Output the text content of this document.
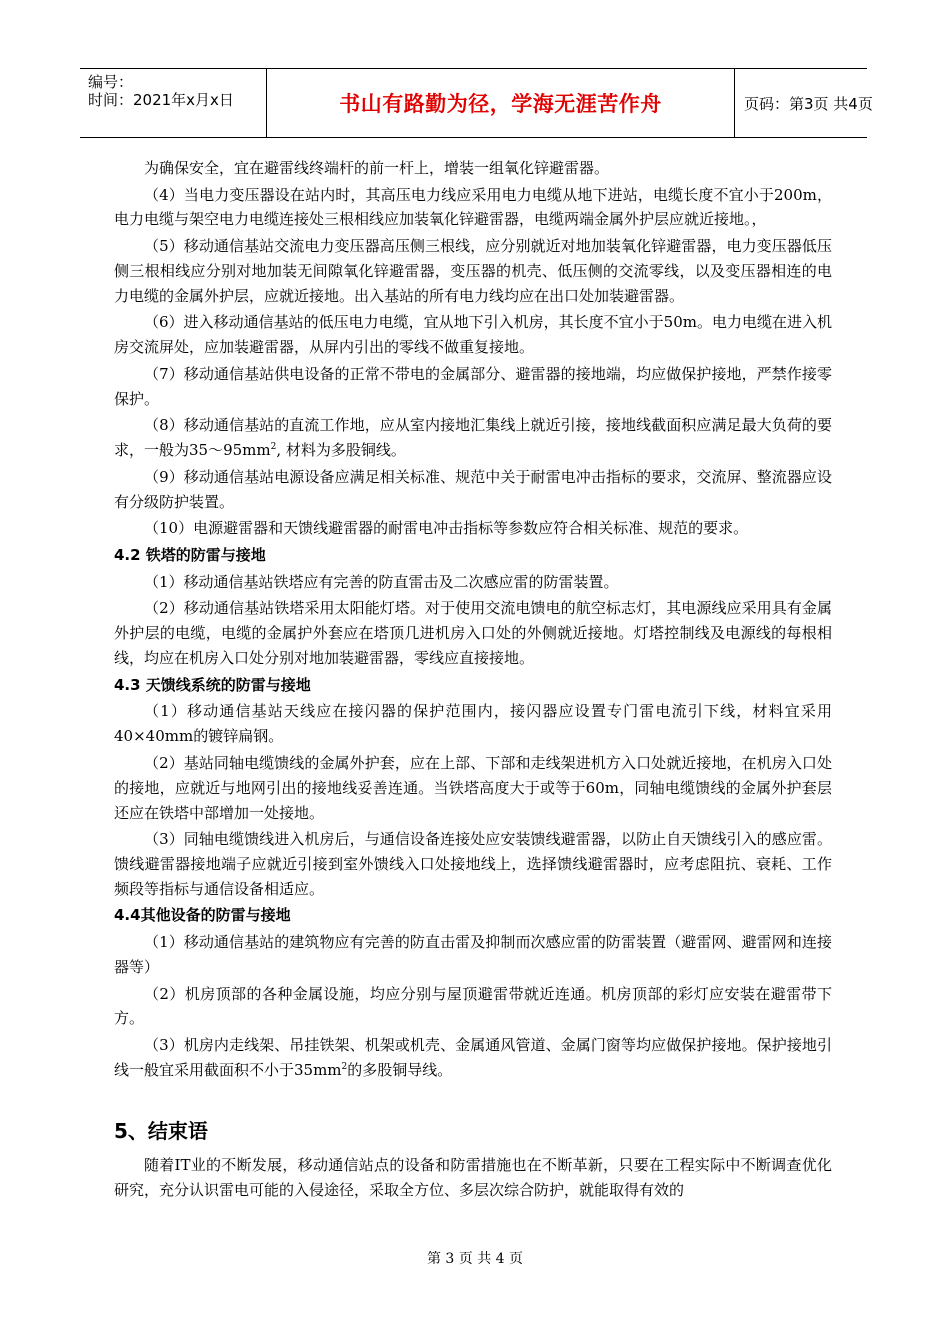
编号：
时间：2021年x月x日	书山有路勤为径，学海无涯苦作舟	页码：第3页 共4页

为确保安全，宜在避雷线终端杆的前一杆上，增装一组氧化锌避雷器。

（4）当电力变压器设在站内时，其高压电力线应采用电力电缆从地下进站，电缆长度不宜小于200m，电力电缆与架空电力电缆连接处三根相线应加装氧化锌避雷器，电缆两端金属外护层应就近接地。，

（5）移动通信基站交流电力变压器高压侧三根线，应分别就近对地加装氧化锌避雷器，电力变压器低压侧三根相线应分别对地加装无间隙氧化锌避雷器，变压器的机壳、低压侧的交流零线，以及变压器相连的电力电缆的金属外护层，应就近接地。出入基站的所有电力线均应在出口处加装避雷器。

（6）进入移动通信基站的低压电力电缆，宜从地下引入机房，其长度不宜小于50m。电力电缆在进入机房交流屏处，应加装避雷器，从屏内引出的零线不做重复接地。

（7）移动通信基站供电设备的正常不带电的金属部分、避雷器的接地端，均应做保护接地，严禁作接零保护。

（8）移动通信基站的直流工作地，应从室内接地汇集线上就近引接，接地线截面积应满足最大负荷的要求，一般为$35\sim 95mm^2$, 材料为多股铜线。

（9）移动通信基站电源设备应满足相关标准、规范中关于耐雷电冲击指标的要求，交流屏、整流器应设有分级防护装置。

（10）电源避雷器和天馈线避雷器的耐雷电冲击指标等参数应符合相关标准、规范的要求。

4.2 铁塔的防雷与接地

（1）移动通信基站铁塔应有完善的防直雷击及二次感应雷的防雷装置。

（2）移动通信基站铁塔采用太阳能灯塔。对于使用交流电馈电的航空标志灯，其电源线应采用具有金属外护层的电缆，电缆的金属护外套应在塔顶几进机房入口处的外侧就近接地。灯塔控制线及电源线的每根相线，均应在机房入口处分别对地加装避雷器，零线应直接接地。

4.3 天馈线系统的防雷与接地

（1）移动通信基站天线应在接闪器的保护范围内，接闪器应设置专门雷电流引下线，材料宜采用40×40mm的镀锌扁钢。

（2）基站同轴电缆馈线的金属外护套，应在上部、下部和走线架进机方入口处就近接地，在机房入口处的接地，应就近与地网引出的接地线妥善连通。当铁塔高度大于或等于60m，同轴电缆馈线的金属外护套层还应在铁塔中部增加一处接地。

（3）同轴电缆馈线进入机房后，与通信设备连接处应安装馈线避雷器，以防止自天馈线引入的感应雷。馈线避雷器接地端子应就近引接到室外馈线入口处接地线上，选择馈线避雷器时，应考虑阻抗、衰耗、工作频段等指标与通信设备相适应。

4.4其他设备的防雷与接地

（1）移动通信基站的建筑物应有完善的防直击雷及抑制而次感应雷的防雷装置（避雷网、避雷网和连接器等）

（2）机房顶部的各种金属设施，均应分别与屋顶避雷带就近连通。机房顶部的彩灯应安装在避雷带下方。

（3）机房内走线架、吊挂铁架、机架或机壳、金属通风管道、金属门窗等均应做保护接地。保护接地引线一般宜采用截面积不小于$35mm^2$的多股铜导线。

5、结束语

随着IT业的不断发展，移动通信站点的设备和防雷措施也在不断革新，只要在工程实际中不断调查优化研究，充分认识雷电可能的入侵途径，采取全方位、多层次综合防护，就能取得有效的

第 3 页 共 4 页
